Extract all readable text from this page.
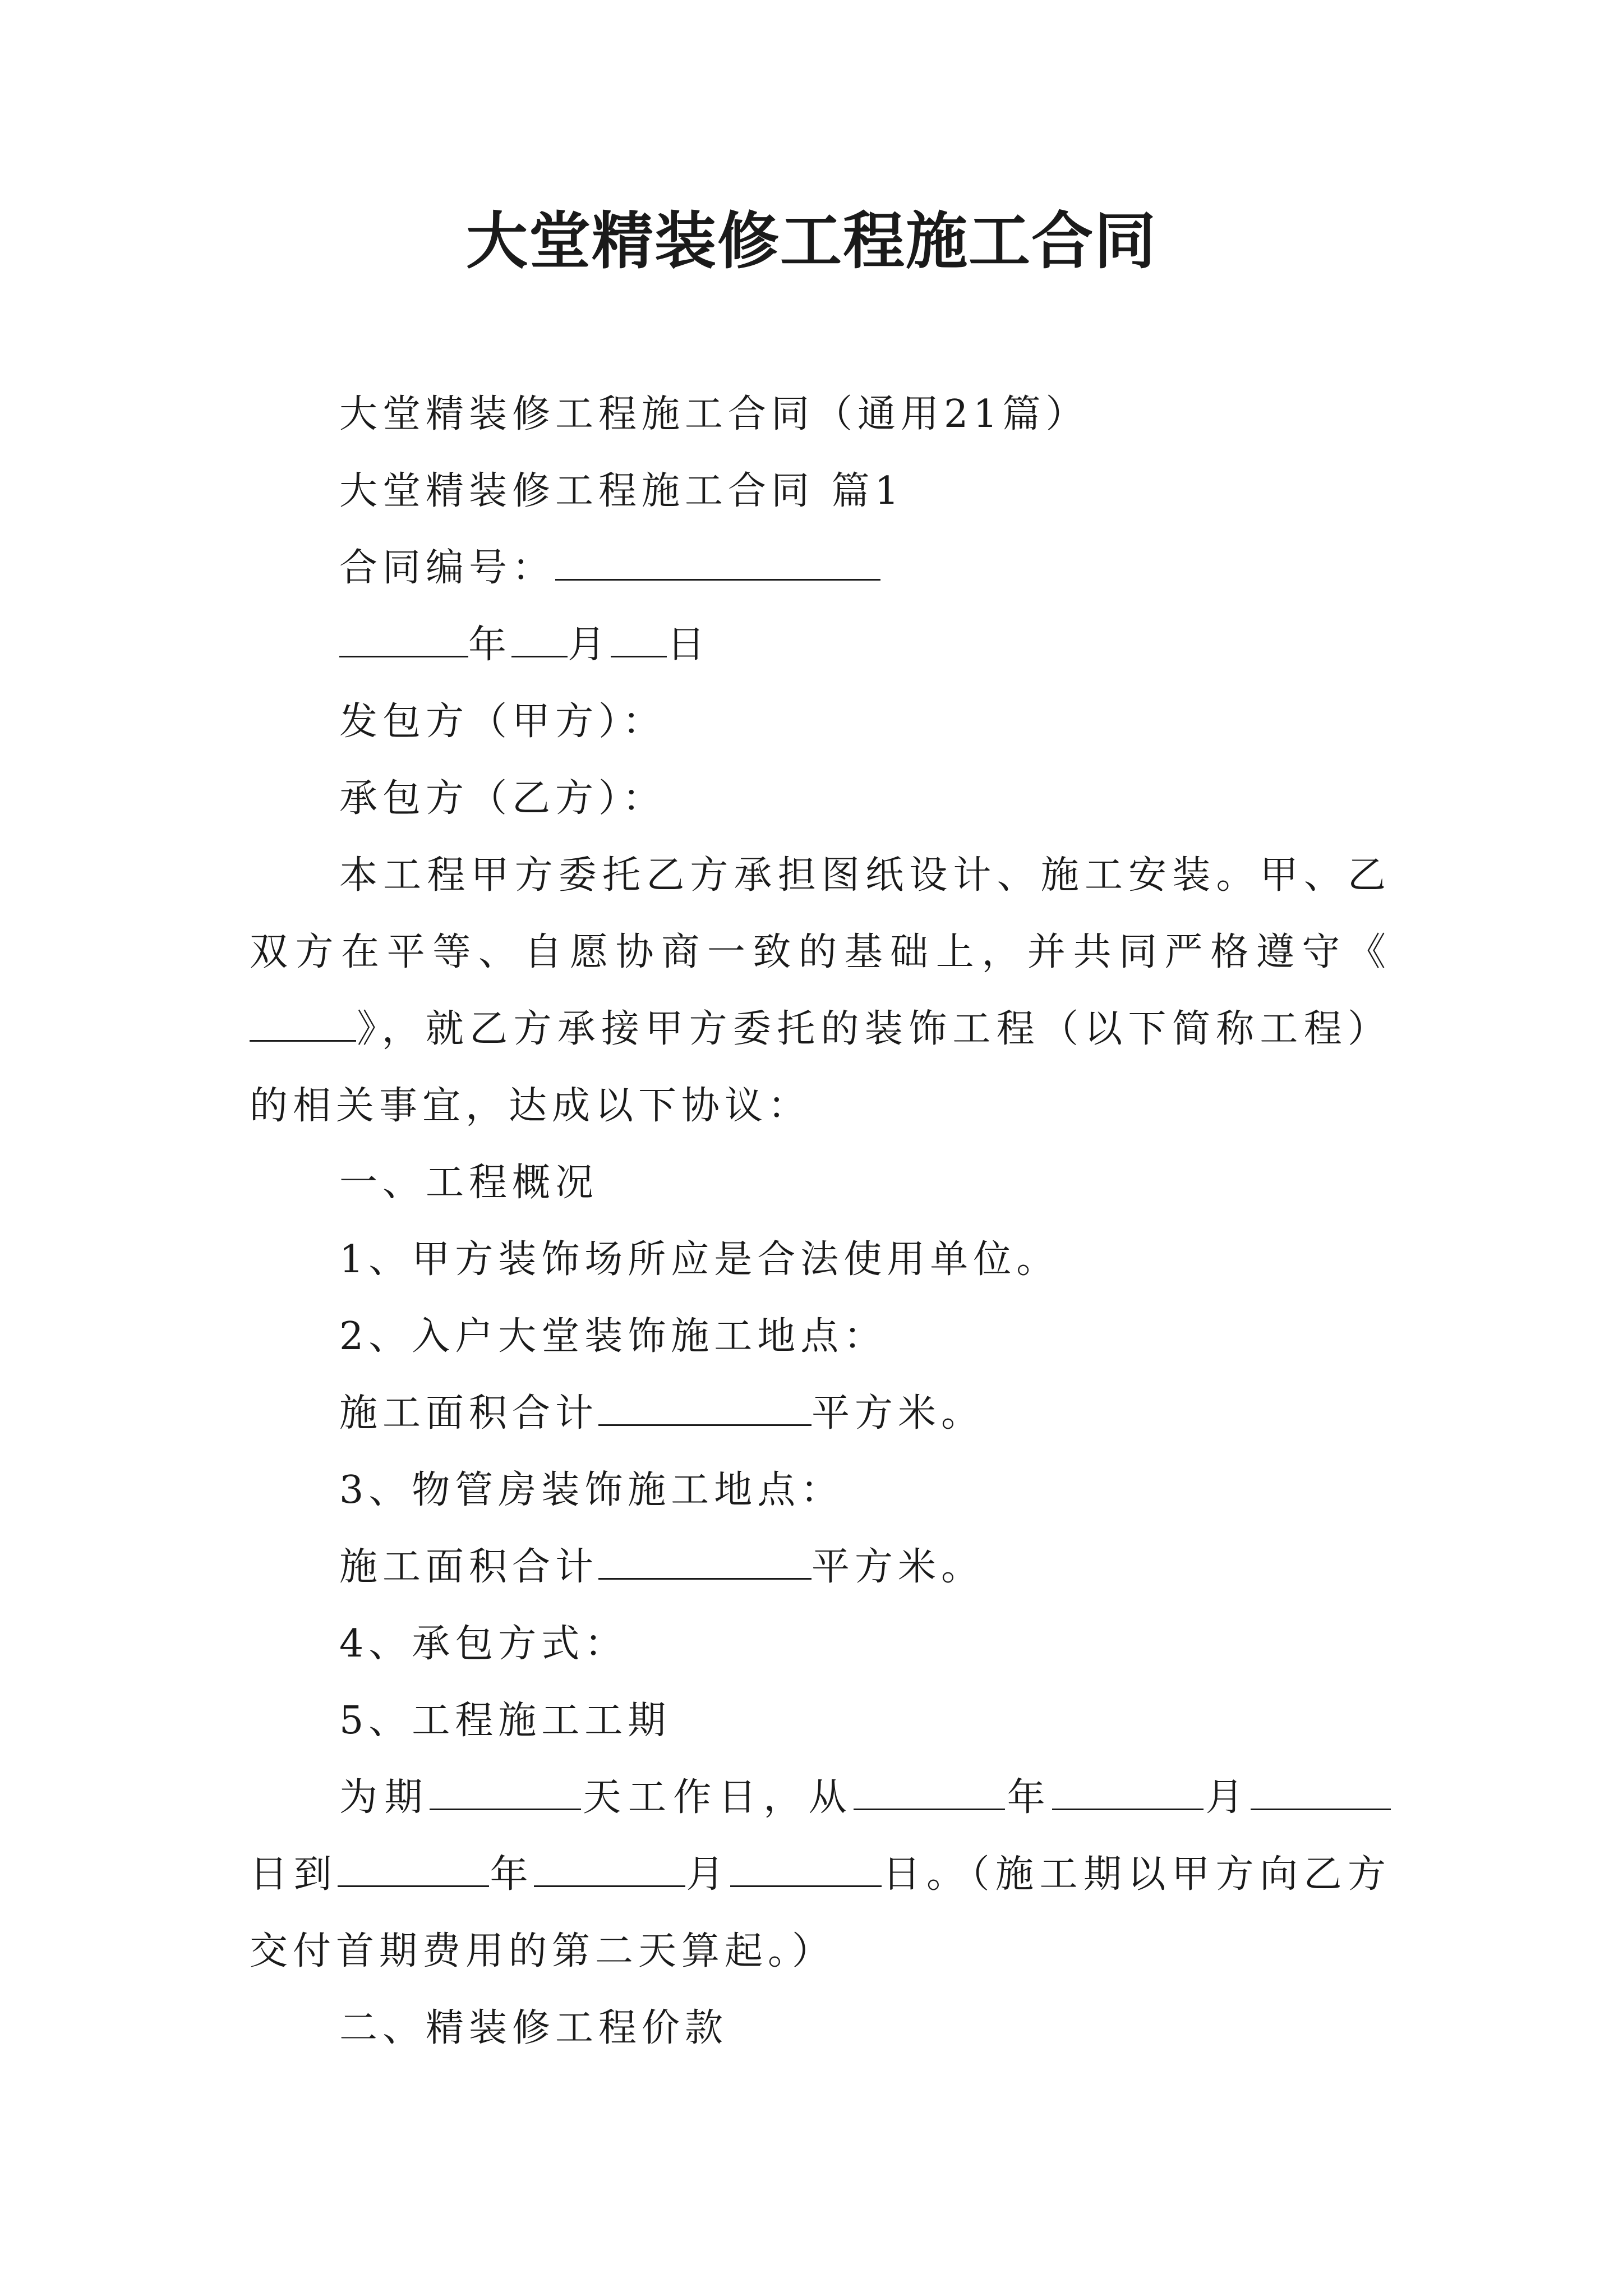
大堂精装修工程施工合同

大堂精装修工程施工合同（通用21篇）

大堂精装修工程施工合同 篇1

合同编号：

年 月 日

发包方（甲方）：

承包方（乙方）：

本工程甲方委托乙方承担图纸设计、施工安装。甲、乙双方在平等、自愿协商一致的基础上，并共同严格遵守《》，就乙方承接甲方委托的装饰工程（以下简称工程）的相关事宜，达成以下协议：

一、工程概况

1、甲方装饰场所应是合法使用单位。

2、入户大堂装饰施工地点：

施工面积合计	平方米。

3、物管房装饰施工地点：

施工面积合计	平方米。

4、承包方式：

5、工程施工工期

为期	天工作日，从	年	月日到	年	月	日。（施工期以甲方向乙方交付首期费用的第二天算起。）

二、精装修工程价款
